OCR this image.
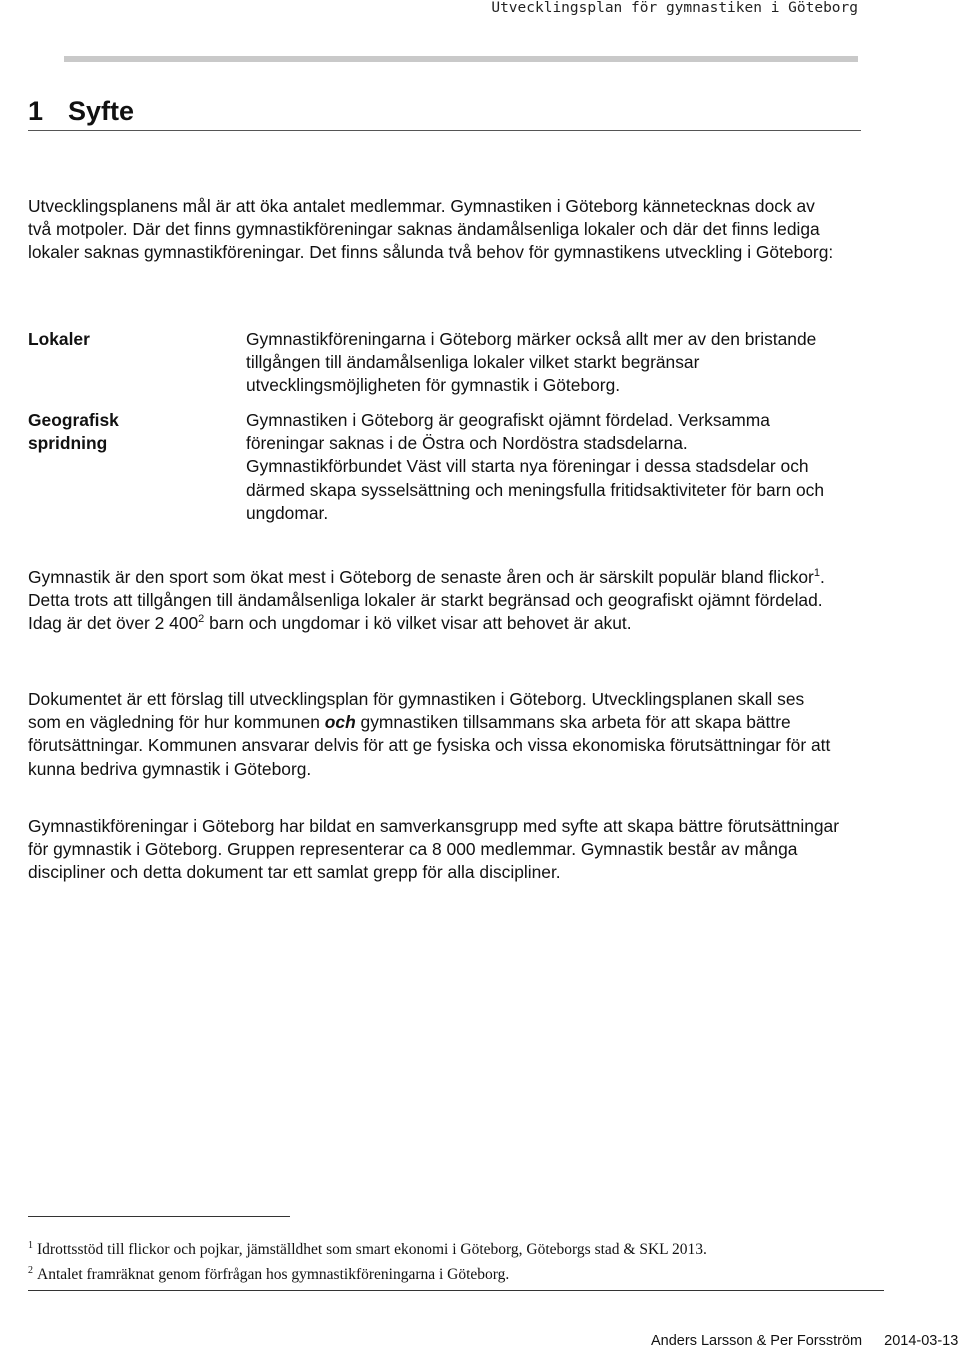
Utvecklingsplan för gymnastiken i Göteborg
1 Syfte

Utvecklingsplanens mål är att öka antalet medlemmar. Gymnastiken i Göteborg kännetecknas dock av två motpoler. Där det finns gymnastikföreningar saknas ändamålsenliga lokaler och där det finns lediga lokaler saknas gymnastikföreningar. Det finns sålunda två behov för gymnastikens utveckling i Göteborg:

Lokaler	Gymnastikföreningarna i Göteborg märker också allt mer av den bristande tillgången till ändamålsenliga lokaler vilket starkt begränsar utvecklingsmöjligheten för gymnastik i Göteborg.
Geografisk spridning
Gymnastiken i Göteborg är geografiskt ojämnt fördelad. Verksamma föreningar saknas i de Östra och Nordöstra stadsdelarna. Gymnastikförbundet Väst vill starta nya föreningar i dessa stadsdelar och därmed skapa sysselsättning och meningsfulla fritidsaktiviteter för barn och ungdomar.

Gymnastik är den sport som ökat mest i Göteborg de senaste åren och är särskilt populär bland flickor$^1$. Detta trots att tillgången till ändamålsenliga lokaler är starkt begränsad och geografiskt ojämnt fördelad. Idag är det över 2 $400^2$ barn och ungdomar i kö vilket visar att behovet är akut.

Dokumentet är ett förslag till utvecklingsplan för gymnastiken i Göteborg. Utvecklingsplanen skall ses som en vägledning för hur kommunen och gymnastiken tillsammans ska arbeta för att skapa bättre förutsättningar. Kommunen ansvarar delvis för att ge fysiska och vissa ekonomiska förutsättningar för att kunna bedriva gymnastik i Göteborg.

Gymnastikföreningar i Göteborg har bildat en samverkansgrupp med syfte att skapa bättre förutsättningar för gymnastik i Göteborg. Gruppen representerar ca 8 000 medlemmar. Gymnastik består av många discipliner och detta dokument tar ett samlat grepp för alla discipliner.

$^1$ Idrottsstöd till flickor och pojkar, jämställdhet som smart ekonomi i Göteborg, Göteborgs stad & SKL 2013.
$^2$ Antalet framräknat genom förfrågan hos gymnastikföreningarna i Göteborg.
Anders Larsson & Per Forsström 2014-03-13
